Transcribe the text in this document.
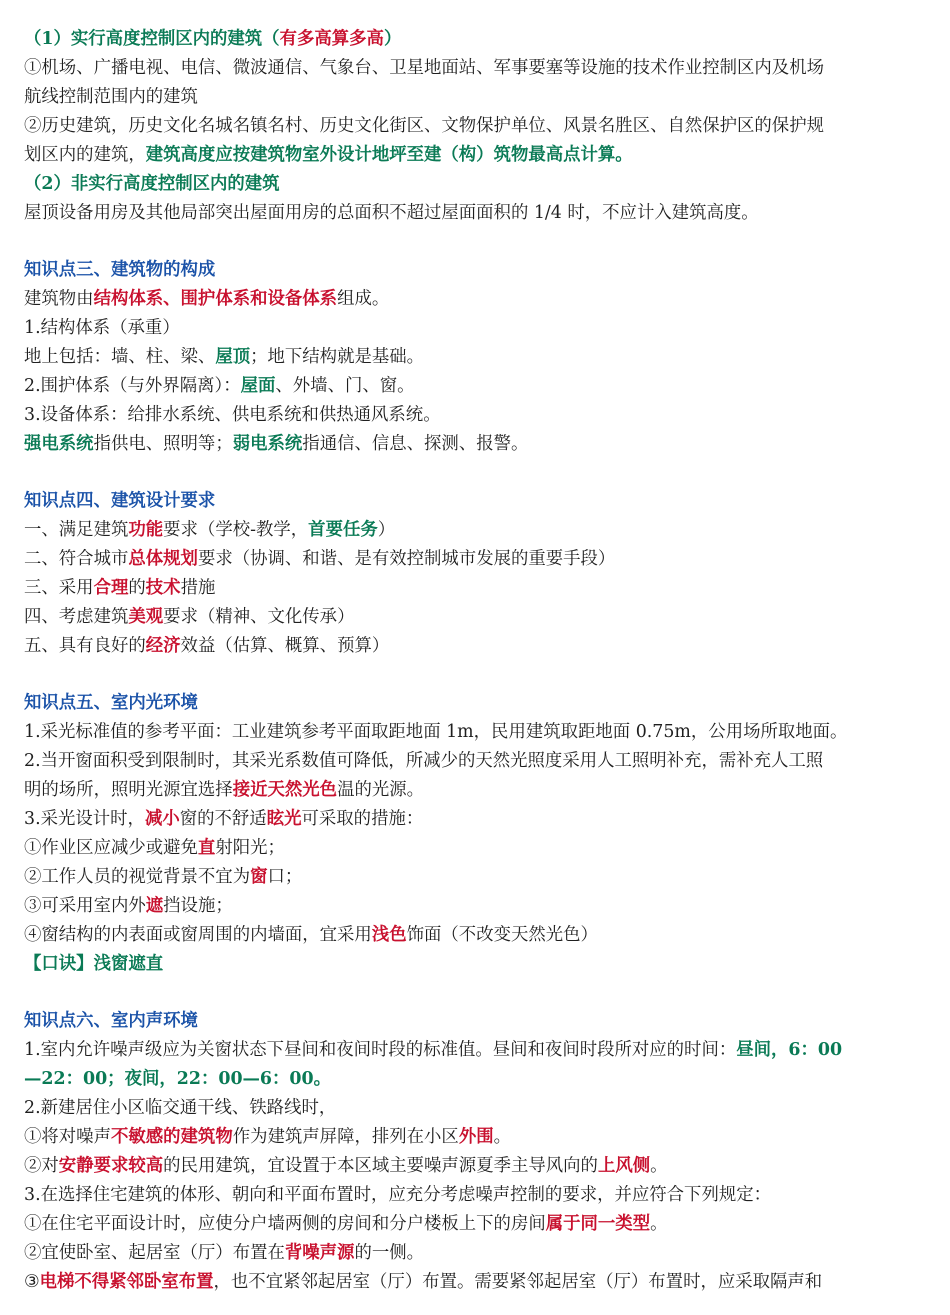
（1）实行高度控制区内的建筑（有多高算多高）
①机场、广播电视、电信、微波通信、气象台、卫星地面站、军事要塞等设施的技术作业控制区内及机场
航线控制范围内的建筑
②历史建筑，历史文化名城名镇名村、历史文化街区、文物保护单位、风景名胜区、自然保护区的保护规
划区内的建筑，建筑高度应按建筑物室外设计地坪至建（构）筑物最高点计算。
（2）非实行高度控制区内的建筑
屋顶设备用房及其他局部突出屋面用房的总面积不超过屋面面积的 1/4 时，不应计入建筑高度。
知识点三、建筑物的构成
建筑物由结构体系、围护体系和设备体系组成。
1.结构体系（承重）
地上包括：墙、柱、梁、屋顶；地下结构就是基础。
2.围护体系（与外界隔离）：屋面、外墙、门、窗。
3.设备体系：给排水系统、供电系统和供热通风系统。
强电系统指供电、照明等；弱电系统指通信、信息、探测、报警。
知识点四、建筑设计要求
一、满足建筑功能要求（学校-教学，首要任务）
二、符合城市总体规划要求（协调、和谐、是有效控制城市发展的重要手段）
三、采用合理的技术措施
四、考虑建筑美观要求（精神、文化传承）
五、具有良好的经济效益（估算、概算、预算）
知识点五、室内光环境
1.采光标准值的参考平面：工业建筑参考平面取距地面 1m，民用建筑取距地面 0.75m，公用场所取地面。
2.当开窗面积受到限制时，其采光系数值可降低，所减少的天然光照度采用人工照明补充，需补充人工照
明的场所，照明光源宜选择接近天然光色温的光源。
3.采光设计时，减小窗的不舒适眩光可采取的措施：
①作业区应减少或避免直射阳光；
②工作人员的视觉背景不宜为窗口；
③可采用室内外遮挡设施；
④窗结构的内表面或窗周围的内墙面，宜采用浅色饰面（不改变天然光色）
【口诀】浅窗遮直
知识点六、室内声环境
1.室内允许噪声级应为关窗状态下昼间和夜间时段的标准值。昼间和夜间时段所对应的时间：昼间，6：00
—22：00；夜间，22：00—6：00。
2.新建居住小区临交通干线、铁路线时，
①将对噪声不敏感的建筑物作为建筑声屏障，排列在小区外围。
②对安静要求较高的民用建筑，宜设置于本区域主要噪声源夏季主导风向的上风侧。
3.在选择住宅建筑的体形、朝向和平面布置时，应充分考虑噪声控制的要求，并应符合下列规定：
①在住宅平面设计时，应使分户墙两侧的房间和分户楼板上下的房间属于同一类型。
②宜使卧室、起居室（厅）布置在背噪声源的一侧。
③电梯不得紧邻卧室布置，也不宜紧邻起居室（厅）布置。需要紧邻起居室（厅）布置时，应采取隔声和
